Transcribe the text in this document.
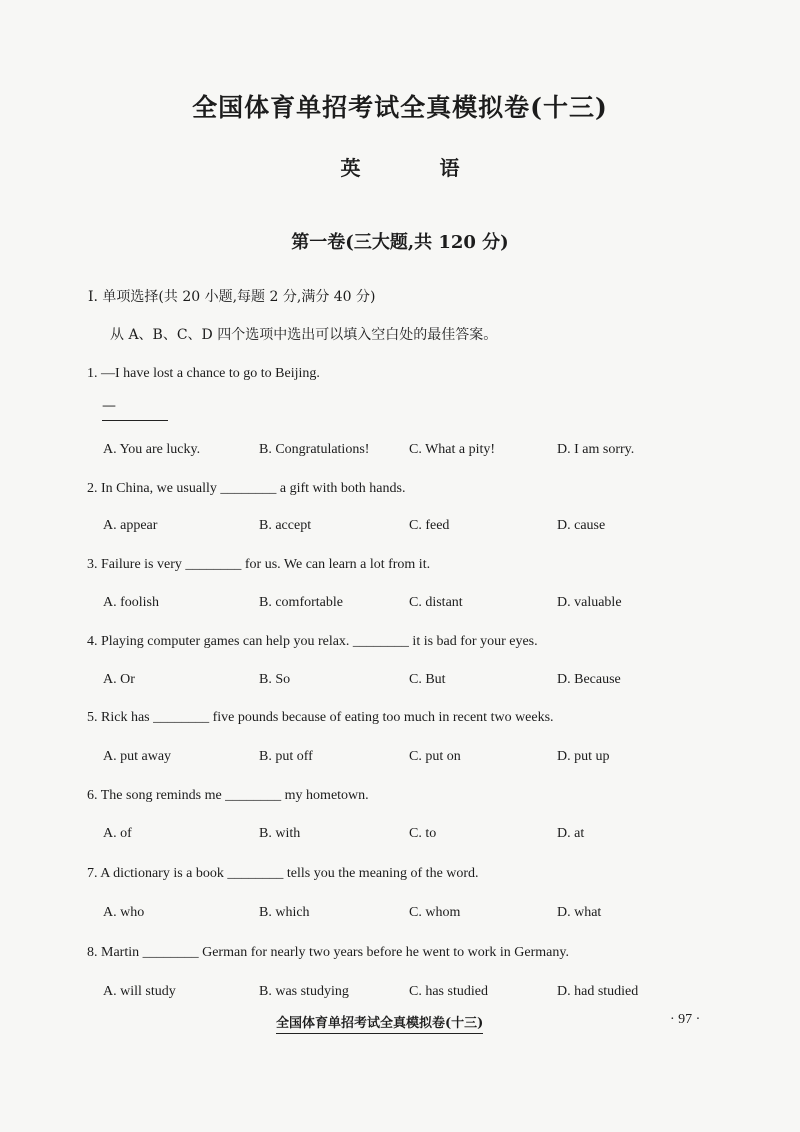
全国体育单招考试全真模拟卷(十三)
英 语
第一卷(三大题,共 120 分)
Ⅰ. 单项选择(共 20 小题,每题 2 分,满分 40 分)
从 A、B、C、D 四个选项中选出可以填入空白处的最佳答案。
1. —I have lost a chance to go to Beijing.
—
A. You are lucky.	B. Congratulations!	C. What a pity!	D. I am sorry.
2. In China, we usually ________ a gift with both hands.
A. appear	B. accept	C. feed	D. cause
3. Failure is very ________ for us. We can learn a lot from it.
A. foolish	B. comfortable	C. distant	D. valuable
4. Playing computer games can help you relax. ________ it is bad for your eyes.
A. Or	B. So	C. But	D. Because
5. Rick has ________ five pounds because of eating too much in recent two weeks.
A. put away	B. put off	C. put on	D. put up
6. The song reminds me ________ my hometown.
A. of	B. with	C. to	D. at
7. A dictionary is a book ________ tells you the meaning of the word.
A. who	B. which	C. whom	D. what
8. Martin ________ German for nearly two years before he went to work in Germany.
A. will study	B. was studying	C. has studied	D. had studied
全国体育单招考试全真模拟卷(十三)	· 97 ·
